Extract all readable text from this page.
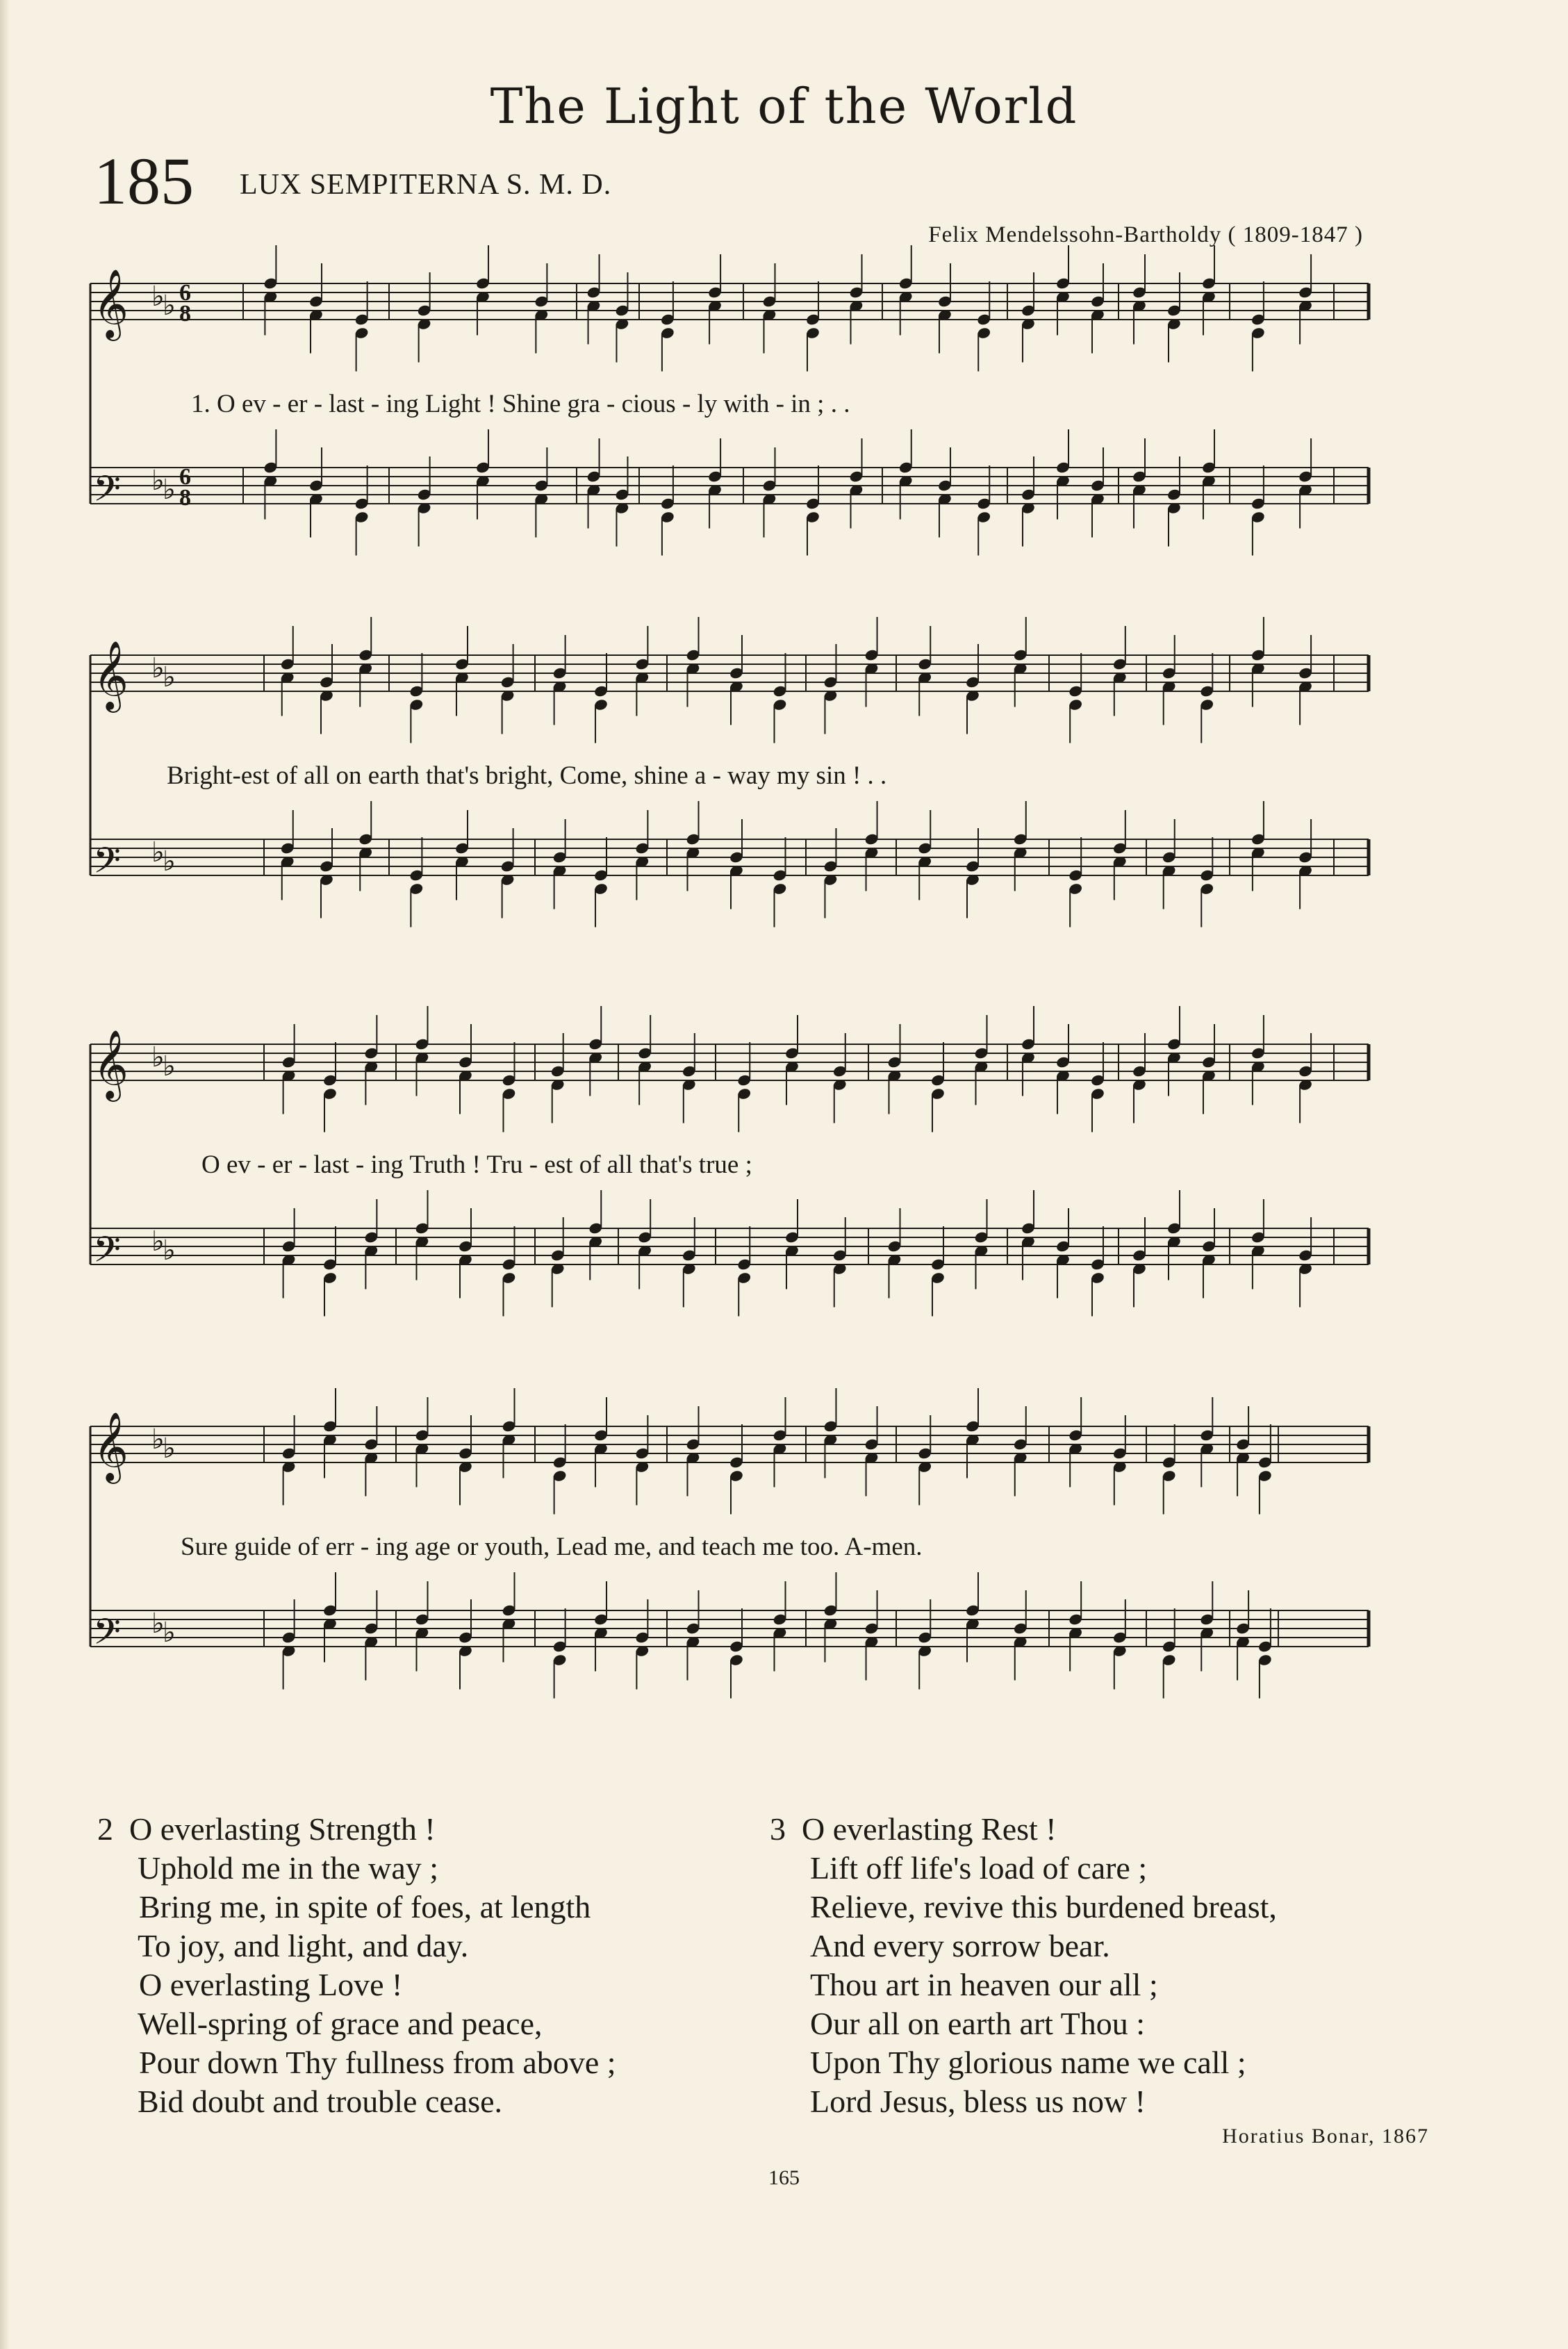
The Light of the World
185 LUX SEMPITERNA S. M. D.
Felix Mendelssohn-Bartholdy ( 1809-1847 )
𝄞 ♭
♭ 6
8
𝄢 ♭
♭ 6
8
1. O ev - er - last - ing Light ! Shine gra - cious - ly with - in ; . .
𝄞 ♭
♭
𝄢 ♭
♭
Bright-est of all on earth that's bright, Come, shine a - way my sin ! . .
𝄞 ♭
♭
𝄢 ♭
♭
O ev - er - last - ing Truth ! Tru - est of all that's true ;
𝄞 ♭
♭
𝄢 ♭
♭
Sure guide of err - ing age or youth, Lead me, and teach me too. A-men.
2 O everlasting Strength !
Uphold me in the way ;
Bring me, in spite of foes, at length
To joy, and light, and day.
O everlasting Love !
Well-spring of grace and peace,
Pour down Thy fullness from above ;
Bid doubt and trouble cease.
3 O everlasting Rest !
Lift off life's load of care ;
Relieve, revive this burdened breast,
And every sorrow bear.
Thou art in heaven our all ;
Our all on earth art Thou :
Upon Thy glorious name we call ;
Lord Jesus, bless us now !
Horatius Bonar, 1867
165
